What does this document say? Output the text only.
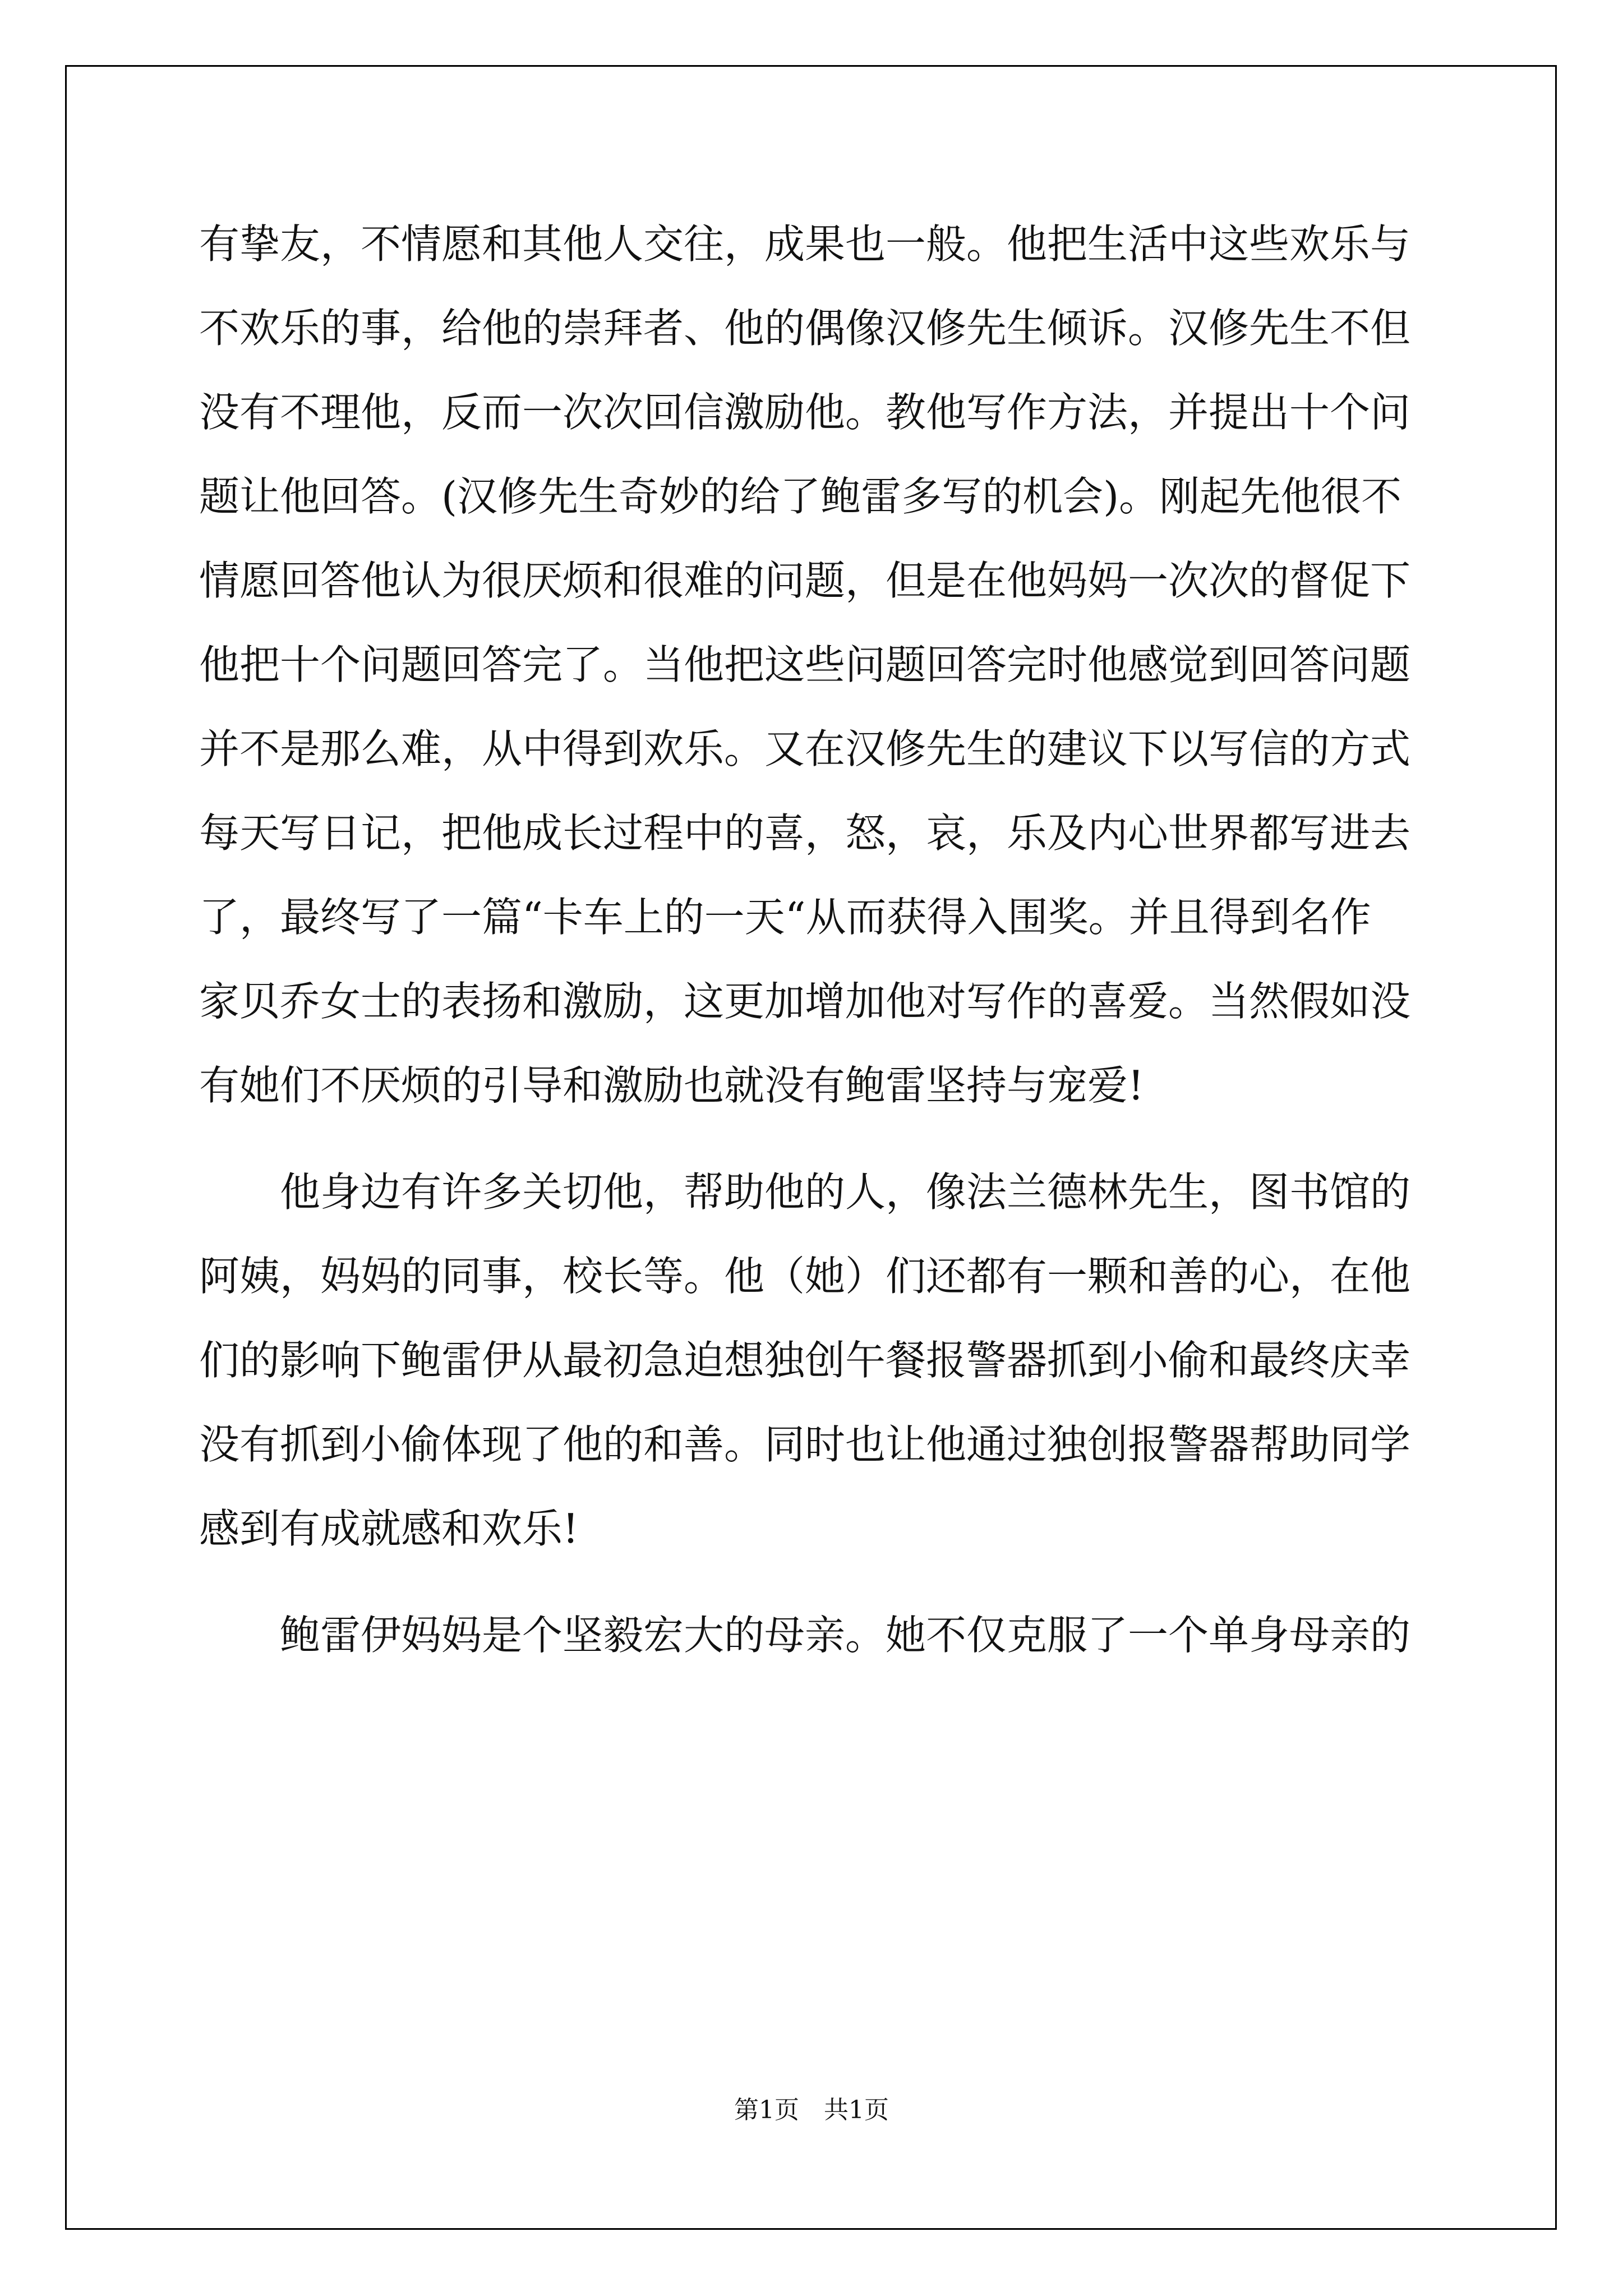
有挚友，不情愿和其他人交往，成果也一般。他把生活中这些欢乐与
不欢乐的事，给他的崇拜者、他的偶像汉修先生倾诉。汉修先生不但
没有不理他，反而一次次回信激励他。教他写作方法，并提出十个问
题让他回答。(汉修先生奇妙的给了鲍雷多写的机会)。刚起先他很不
情愿回答他认为很厌烦和很难的问题，但是在他妈妈一次次的督促下
他把十个问题回答完了。当他把这些问题回答完时他感觉到回答问题
并不是那么难，从中得到欢乐。又在汉修先生的建议下以写信的方式
每天写日记，把他成长过程中的喜，怒，哀，乐及内心世界都写进去
了，最终写了一篇“卡车上的一天“从而获得入围奖。并且得到名作
家贝乔女士的表扬和激励，这更加增加他对写作的喜爱。当然假如没
有她们不厌烦的引导和激励也就没有鲍雷坚持与宠爱!
他身边有许多关切他，帮助他的人，像法兰德林先生，图书馆的
阿姨，妈妈的同事，校长等。他（她）们还都有一颗和善的心，在他
们的影响下鲍雷伊从最初急迫想独创午餐报警器抓到小偷和最终庆幸
没有抓到小偷体现了他的和善。同时也让他通过独创报警器帮助同学
感到有成就感和欢乐!
鲍雷伊妈妈是个坚毅宏大的母亲。她不仅克服了一个单身母亲的
第1页　共1页
